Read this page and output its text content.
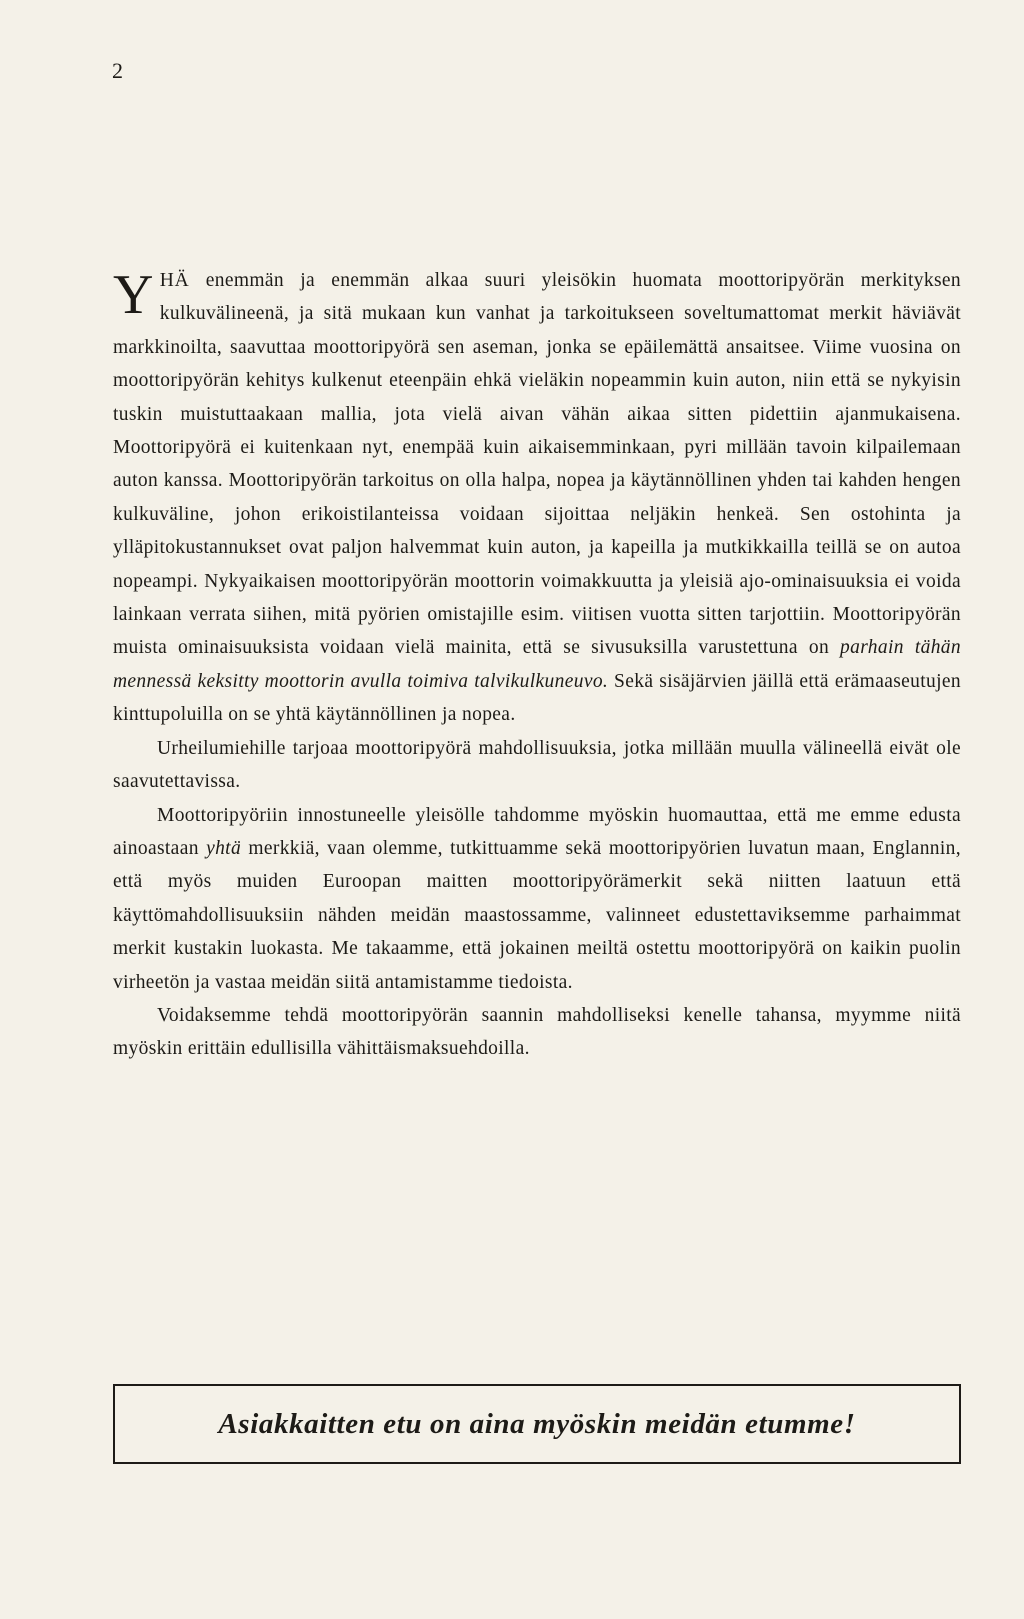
2

YHÄ enemmän ja enemmän alkaa suuri yleisökin huomata moottoripyörän merkityksen kulkuvälineenä, ja sitä mukaan kun vanhat ja tarkoitukseen soveltumattomat merkit häviävät markkinoilta, saavuttaa moottoripyörä sen aseman, jonka se epäilemättä ansaitsee. Viime vuosina on moottoripyörän kehitys kulkenut eteenpäin ehkä vieläkin nopeammin kuin auton, niin että se nykyisin tuskin muistuttaakaan mallia, jota vielä aivan vähän aikaa sitten pidettiin ajanmukaisena. Moottoripyörä ei kuitenkaan nyt, enempää kuin aikaisemminkaan, pyri millään tavoin kilpailemaan auton kanssa. Moottoripyörän tarkoitus on olla halpa, nopea ja käytännöllinen yhden tai kahden hengen kulkuväline, johon erikoistilanteissa voidaan sijoittaa neljäkin henkeä. Sen ostohinta ja ylläpitokustannukset ovat paljon halvemmat kuin auton, ja kapeilla ja mutkikkailla teillä se on autoa nopeampi. Nykyaikaisen moottoripyörän moottorin voimakkuutta ja yleisiä ajo-ominaisuuksia ei voida lainkaan verrata siihen, mitä pyörien omistajille esim. viitisen vuotta sitten tarjottiin. Moottoripyörän muista ominaisuuksista voidaan vielä mainita, että se sivusuksilla varustettuna on parhain tähän mennessä keksitty moottorin avulla toimiva talvikulkuneuvo. Sekä sisäjärvien jäillä että erämaaseutujen kinttupoluilla on se yhtä käytännöllinen ja nopea.

Urheilumiehille tarjoaa moottoripyörä mahdollisuuksia, jotka millään muulla välineellä eivät ole saavutettavissa.

Moottoripyöriin innostuneelle yleisölle tahdomme myöskin huomauttaa, että me emme edusta ainoastaan yhtä merkkiä, vaan olemme, tutkittuamme sekä moottoripyörien luvatun maan, Englannin, että myös muiden Euroopan maitten moottoripyörämerkit sekä niitten laatuun että käyttömahdollisuuksiin nähden meidän maastossamme, valinneet edustettaviksemme parhaimmat merkit kustakin luokasta. Me takaamme, että jokainen meiltä ostettu moottoripyörä on kaikin puolin virheetön ja vastaa meidän siitä antamistamme tiedoista.

Voidaksemme tehdä moottoripyörän saannin mahdolliseksi kenelle tahansa, myymme niitä myöskin erittäin edullisilla vähittäismaksuehdoilla.

Asiakkaitten etu on aina myöskin meidän etumme!
